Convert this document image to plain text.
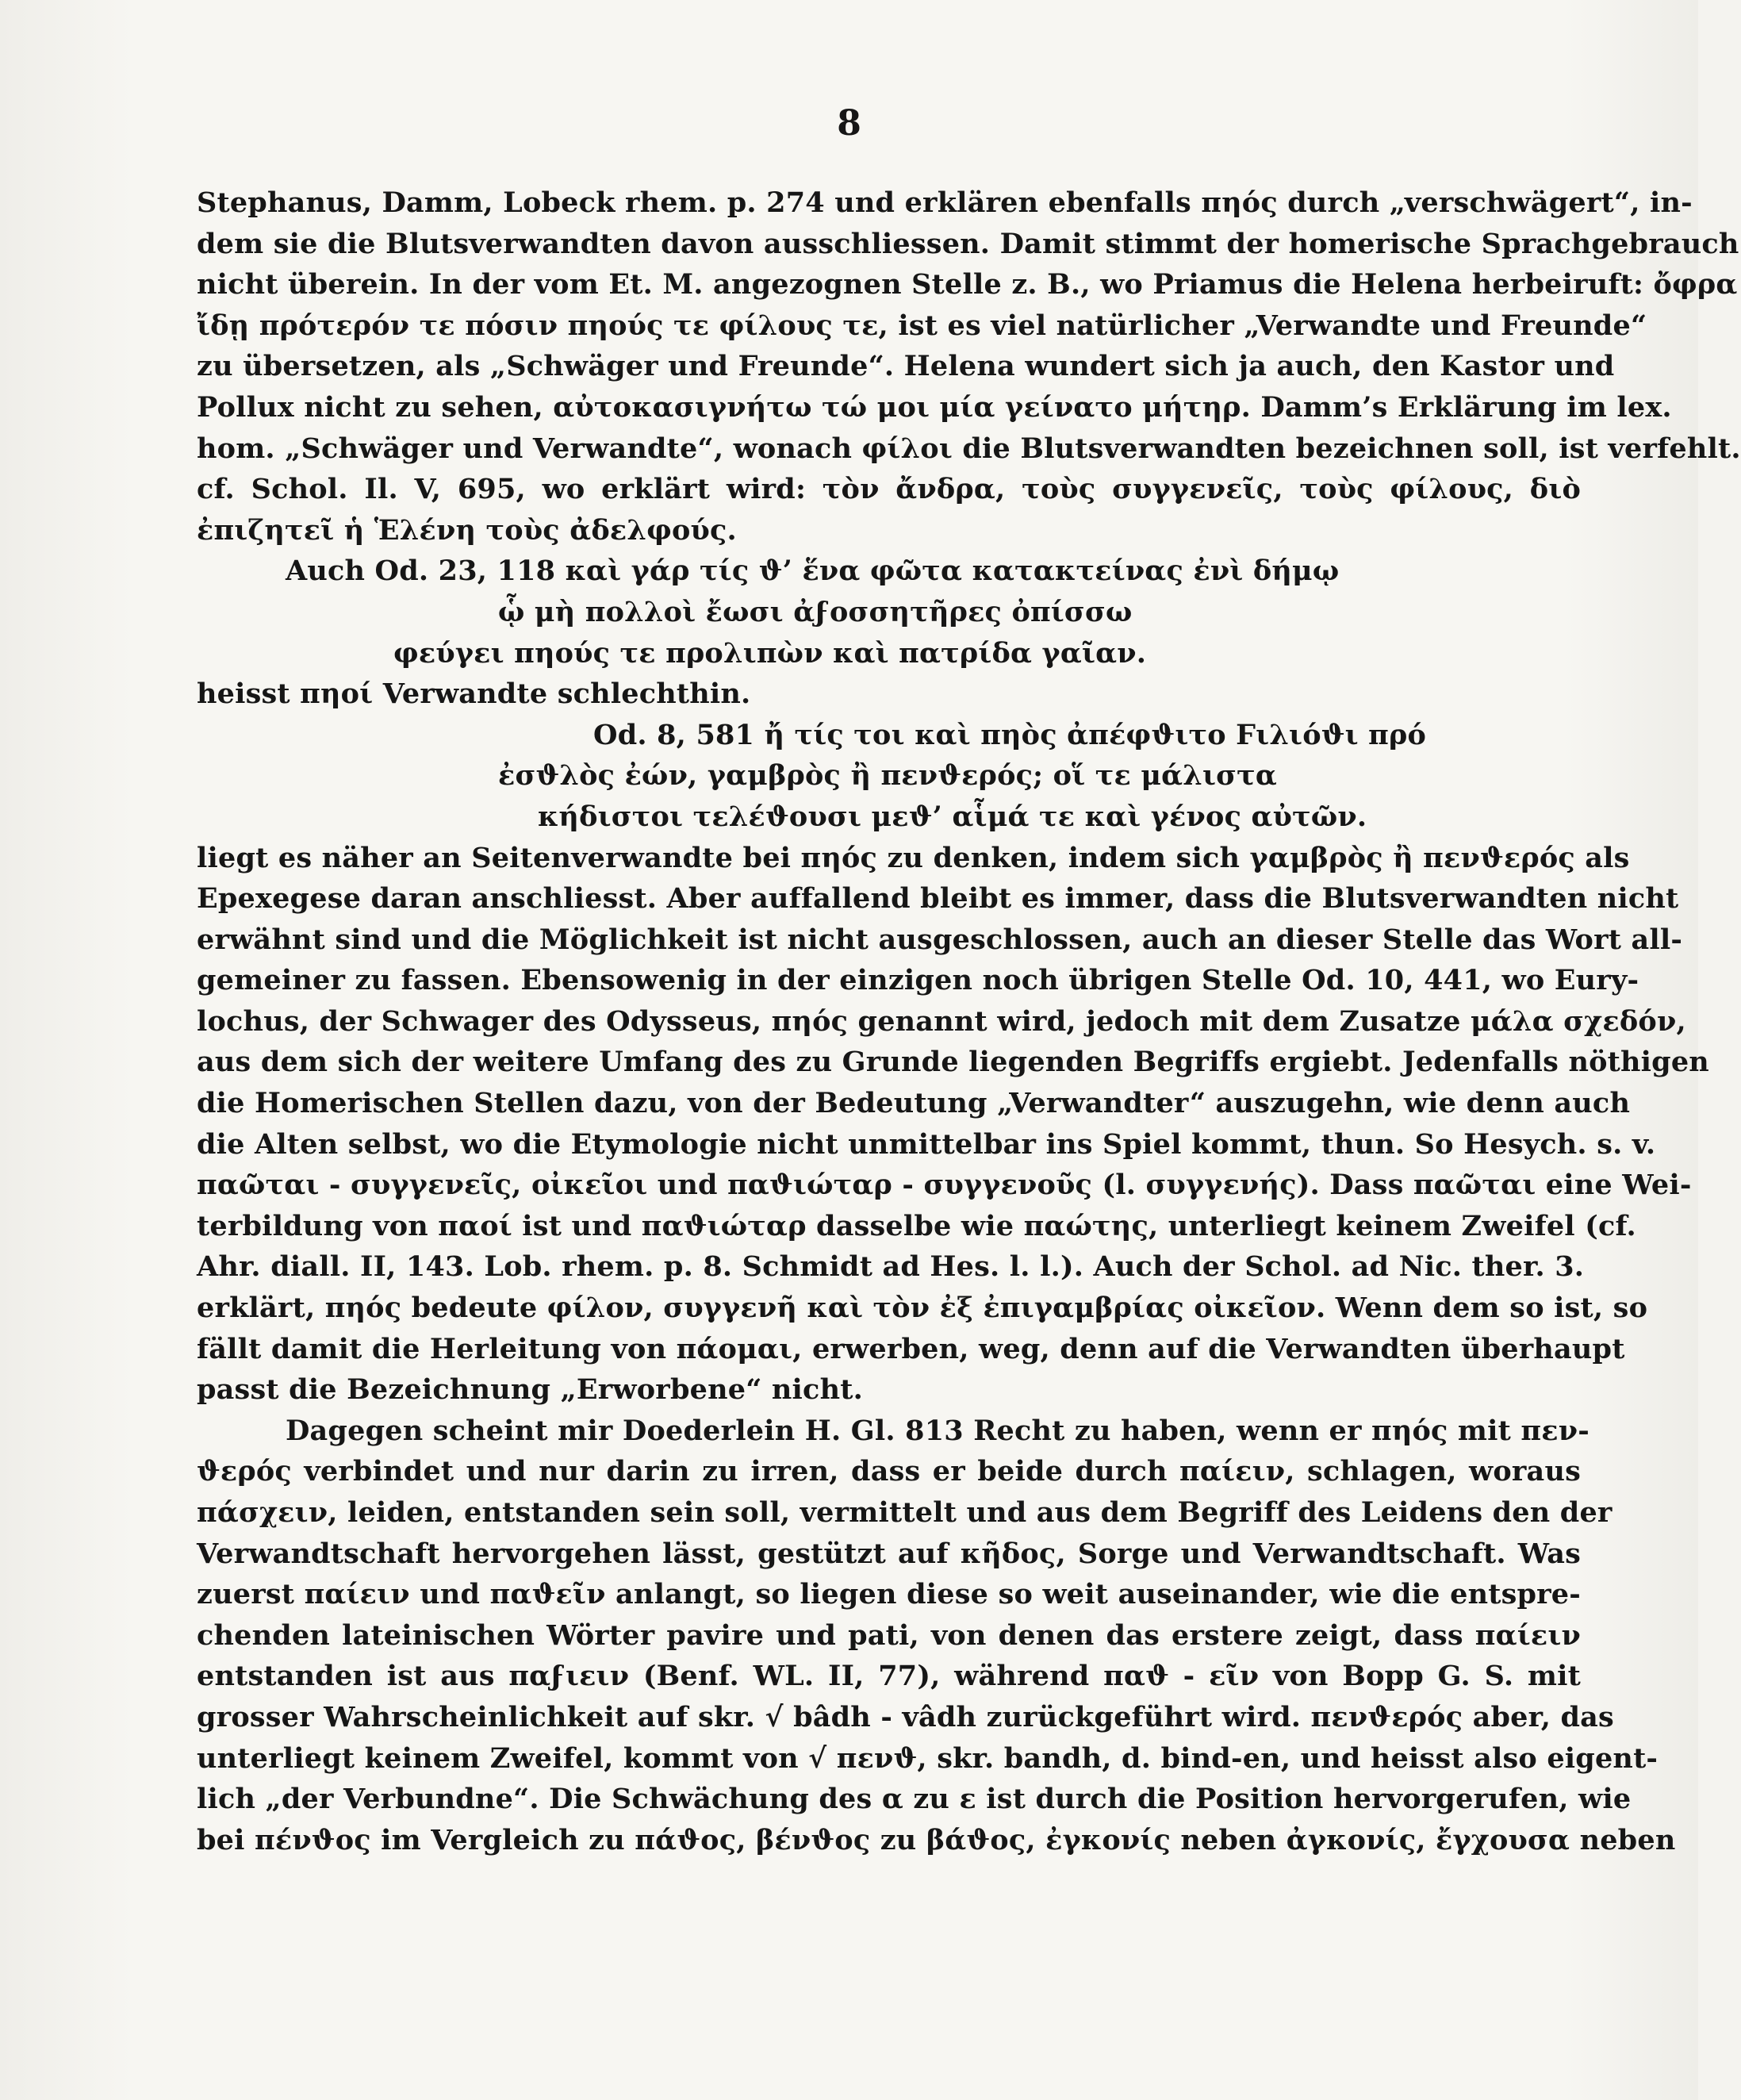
8
Stephanus, Damm, Lobeck rhem. p. 274 und erklären ebenfalls πηός durch „verschwägert“, in-
dem sie die Blutsverwandten davon ausschliessen. Damit stimmt der homerische Sprachgebrauch
nicht überein. In der vom Et. M. angezognen Stelle z. B., wo Priamus die Helena herbeiruft: ὄφρα
ἴδῃ πρότερόν τε πόσιν πηούς τε φίλους τε, ist es viel natürlicher „Verwandte und Freunde“
zu übersetzen, als „Schwäger und Freunde“. Helena wundert sich ja auch, den Kastor und
Pollux nicht zu sehen, αὐτοκασιγνήτω τώ μοι μία γείνατο μήτηρ. Damm’s Erklärung im lex.
hom. „Schwäger und Verwandte“, wonach φίλοι die Blutsverwandten bezeichnen soll, ist verfehlt.
cf. Schol. Il. V, 695, wo erklärt wird: τὸν ἄνδρα, τοὺς συγγενεῖς, τοὺς φίλους, διὸ
ἐπιζητεῖ ἡ Ἑλένη τοὺς ἀδελφούς.
Auch Od. 23, 118 καὶ γάρ τίς ϑ’ ἕνα φῶτα κατακτείνας ἐνὶ δήμῳ
ᾧ μὴ πολλοὶ ἔωσι ἀϝοσσητῆρες ὀπίσσω
φεύγει πηούς τε προλιπὼν καὶ πατρίδα γαῖαν.
heisst πηοί Verwandte schlechthin.
Od. 8, 581 ἤ τίς τοι καὶ πηὸς ἀπέφϑιτο Ϝιλιόϑι πρό
ἐσϑλὸς ἐών, γαμβρὸς ἢ πενϑερός; οἵ τε μάλιστα
κήδιστοι τελέϑουσι μεϑ’ αἷμά τε καὶ γένος αὐτῶν.
liegt es näher an Seitenverwandte bei πηός zu denken, indem sich γαμβρὸς ἢ πενϑερός als
Epexegese daran anschliesst. Aber auffallend bleibt es immer, dass die Blutsverwandten nicht
erwähnt sind und die Möglichkeit ist nicht ausgeschlossen, auch an dieser Stelle das Wort all-
gemeiner zu fassen. Ebensowenig in der einzigen noch übrigen Stelle Od. 10, 441, wo Eury-
lochus, der Schwager des Odysseus, πηός genannt wird, jedoch mit dem Zusatze μάλα σχεδόν,
aus dem sich der weitere Umfang des zu Grunde liegenden Begriffs ergiebt. Jedenfalls nöthigen
die Homerischen Stellen dazu, von der Bedeutung „Verwandter“ auszugehn, wie denn auch
die Alten selbst, wo die Etymologie nicht unmittelbar ins Spiel kommt, thun. So Hesych. s. v.
παῶται - συγγενεῖς, οἰκεῖοι und παϑιώταρ - συγγενοῦς (l. συγγενής). Dass παῶται eine Wei-
terbildung von παοί ist und παϑιώταρ dasselbe wie παώτης, unterliegt keinem Zweifel (cf.
Ahr. diall. II, 143. Lob. rhem. p. 8. Schmidt ad Hes. l. l.). Auch der Schol. ad Nic. ther. 3.
erklärt, πηός bedeute φίλον, συγγενῆ καὶ τὸν ἐξ ἐπιγαμβρίας οἰκεῖον. Wenn dem so ist, so
fällt damit die Herleitung von πάομαι, erwerben, weg, denn auf die Verwandten überhaupt
passt die Bezeichnung „Erworbene“ nicht.
Dagegen scheint mir Doederlein H. Gl. 813 Recht zu haben, wenn er πηός mit πεν-
ϑερός verbindet und nur darin zu irren, dass er beide durch παίειν, schlagen, woraus
πάσχειν, leiden, entstanden sein soll, vermittelt und aus dem Begriff des Leidens den der
Verwandtschaft hervorgehen lässt, gestützt auf κῆδος, Sorge und Verwandtschaft. Was
zuerst παίειν und παϑεῖν anlangt, so liegen diese so weit auseinander, wie die entspre-
chenden lateinischen Wörter pavire und pati, von denen das erstere zeigt, dass παίειν
entstanden ist aus παϝιειν (Benf. WL. II, 77), während παϑ - εῖν von Bopp G. S. mit
grosser Wahrscheinlichkeit auf skr. √ bâdh - vâdh zurückgeführt wird. πενϑερός aber, das
unterliegt keinem Zweifel, kommt von √ πενϑ, skr. bandh, d. bind-en, und heisst also eigent-
lich „der Verbundne“. Die Schwächung des α zu ε ist durch die Position hervorgerufen, wie
bei πένϑος im Vergleich zu πάϑος, βένϑος zu βάϑος, ἐγκονίς neben ἀγκονίς, ἔγχουσα neben
